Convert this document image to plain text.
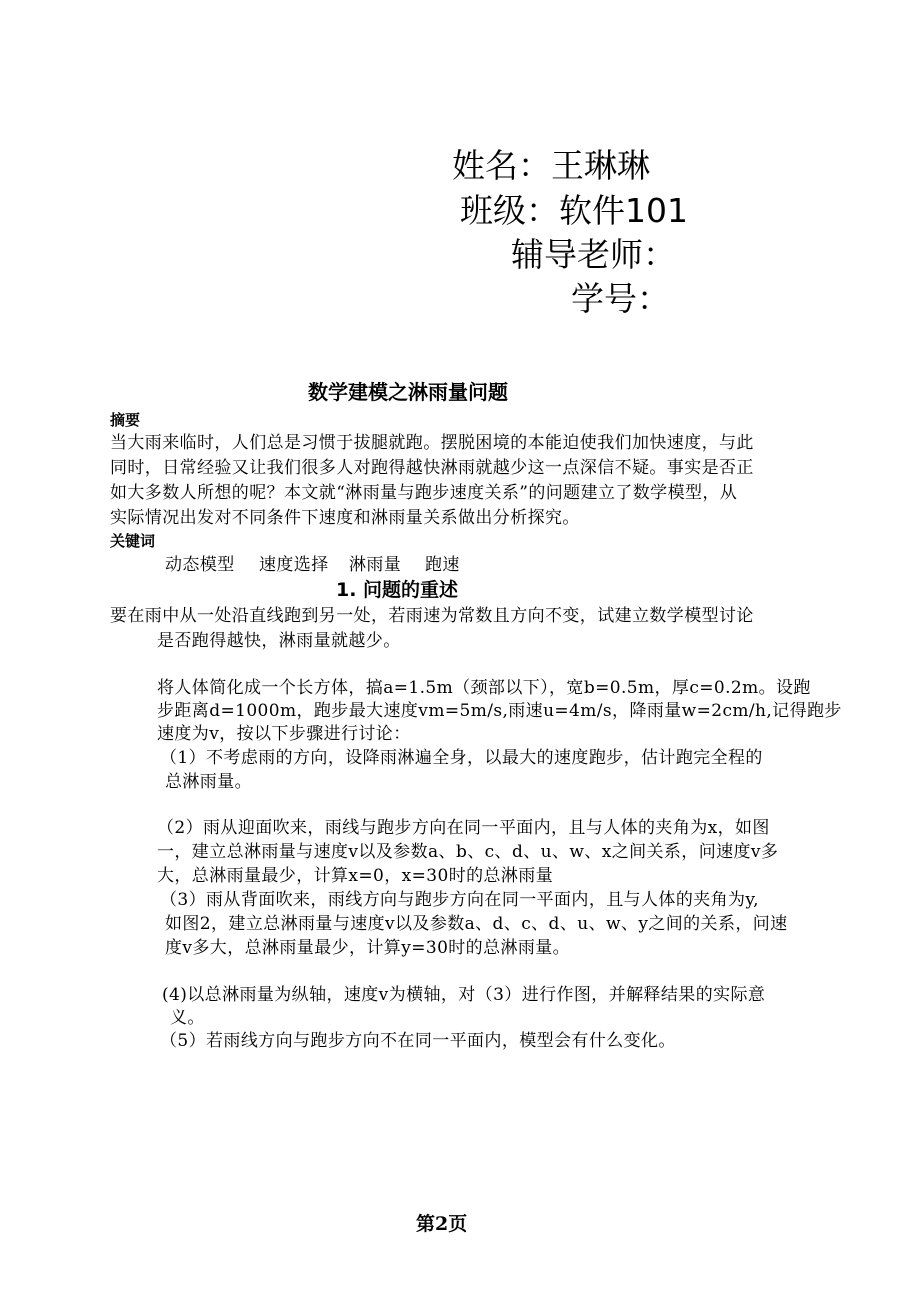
姓名：王琳琳
班级：软件101
辅导老师：
学号：
数学建模之淋雨量问题
摘要
当大雨来临时，人们总是习惯于拔腿就跑。摆脱困境的本能迫使我们加快速度，与此
同时，日常经验又让我们很多人对跑得越快淋雨就越少这一点深信不疑。事实是否正
如大多数人所想的呢？本文就“淋雨量与跑步速度关系”的问题建立了数学模型，从
实际情况出发对不同条件下速度和淋雨量关系做出分析探究。
关键词
动态模型 速度选择 淋雨量 跑速
1. 问题的重述
要在雨中从一处沿直线跑到另一处，若雨速为常数且方向不变，试建立数学模型讨论
是否跑得越快，淋雨量就越少。
将人体简化成一个长方体，搞a=1.5m（颈部以下），宽b=0.5m，厚c=0.2m。设跑
步距离d=1000m，跑步最大速度vm=5m/s,雨速u=4m/s，降雨量w=2cm/h,记得跑步
速度为v，按以下步骤进行讨论：
（1）不考虑雨的方向，设降雨淋遍全身，以最大的速度跑步，估计跑完全程的
总淋雨量。
（2）雨从迎面吹来，雨线与跑步方向在同一平面内，且与人体的夹角为x，如图
一，建立总淋雨量与速度v以及参数a、b、c、d、u、w、x之间关系，问速度v多
大，总淋雨量最少，计算x=0，x=30时的总淋雨量
（3）雨从背面吹来，雨线方向与跑步方向在同一平面内，且与人体的夹角为y,
如图2，建立总淋雨量与速度v以及参数a、d、c、d、u、w、y之间的关系，问速
度v多大，总淋雨量最少，计算y=30时的总淋雨量。
(4)以总淋雨量为纵轴，速度v为横轴，对（3）进行作图，并解释结果的实际意
义。
（5）若雨线方向与跑步方向不在同一平面内，模型会有什么变化。
第2页
